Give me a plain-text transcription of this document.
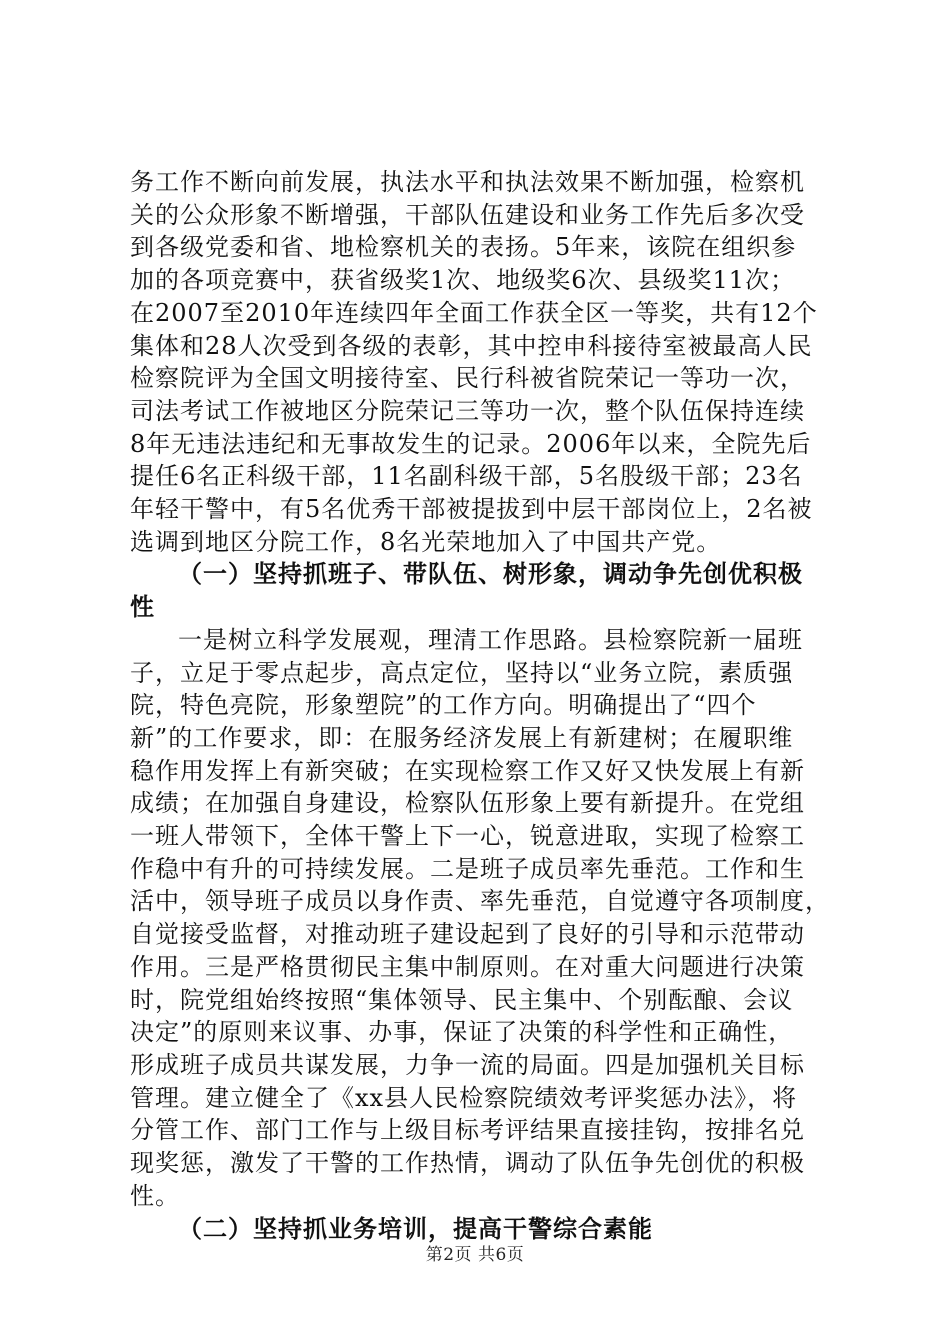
务工作不断向前发展，执法水平和执法效果不断加强，检察机
关的公众形象不断增强，干部队伍建设和业务工作先后多次受
到各级党委和省、地检察机关的表扬。5年来，该院在组织参
加的各项竞赛中，获省级奖1次、地级奖6次、县级奖11次；
在2007至2010年连续四年全面工作获全区一等奖，共有12个
集体和28人次受到各级的表彰，其中控申科接待室被最高人民
检察院评为全国文明接待室、民行科被省院荣记一等功一次，
司法考试工作被地区分院荣记三等功一次，整个队伍保持连续
8年无违法违纪和无事故发生的记录。2006年以来，全院先后
提任6名正科级干部，11名副科级干部，5名股级干部；23名
年轻干警中，有5名优秀干部被提拔到中层干部岗位上，2名被
选调到地区分院工作，8名光荣地加入了中国共产党。

（一）坚持抓班子、带队伍、树形象，调动争先创优积极
性

一是树立科学发展观，理清工作思路。县检察院新一届班
子，立足于零点起步，高点定位，坚持以“业务立院，素质强
院，特色亮院，形象塑院”的工作方向。明确提出了“四个
新”的工作要求，即：在服务经济发展上有新建树；在履职维
稳作用发挥上有新突破；在实现检察工作又好又快发展上有新
成绩；在加强自身建设，检察队伍形象上要有新提升。在党组
一班人带领下，全体干警上下一心，锐意进取，实现了检察工
作稳中有升的可持续发展。二是班子成员率先垂范。工作和生
活中，领导班子成员以身作责、率先垂范，自觉遵守各项制度，
自觉接受监督，对推动班子建设起到了良好的引导和示范带动
作用。三是严格贯彻民主集中制原则。在对重大问题进行决策
时，院党组始终按照“集体领导、民主集中、个别酝酿、会议
决定”的原则来议事、办事，保证了决策的科学性和正确性，
形成班子成员共谋发展，力争一流的局面。四是加强机关目标
管理。建立健全了《xx县人民检察院绩效考评奖惩办法》，将
分管工作、部门工作与上级目标考评结果直接挂钩，按排名兑
现奖惩，激发了干警的工作热情，调动了队伍争先创优的积极
性。

（二）坚持抓业务培训，提高干警综合素能
第2页 共6页
